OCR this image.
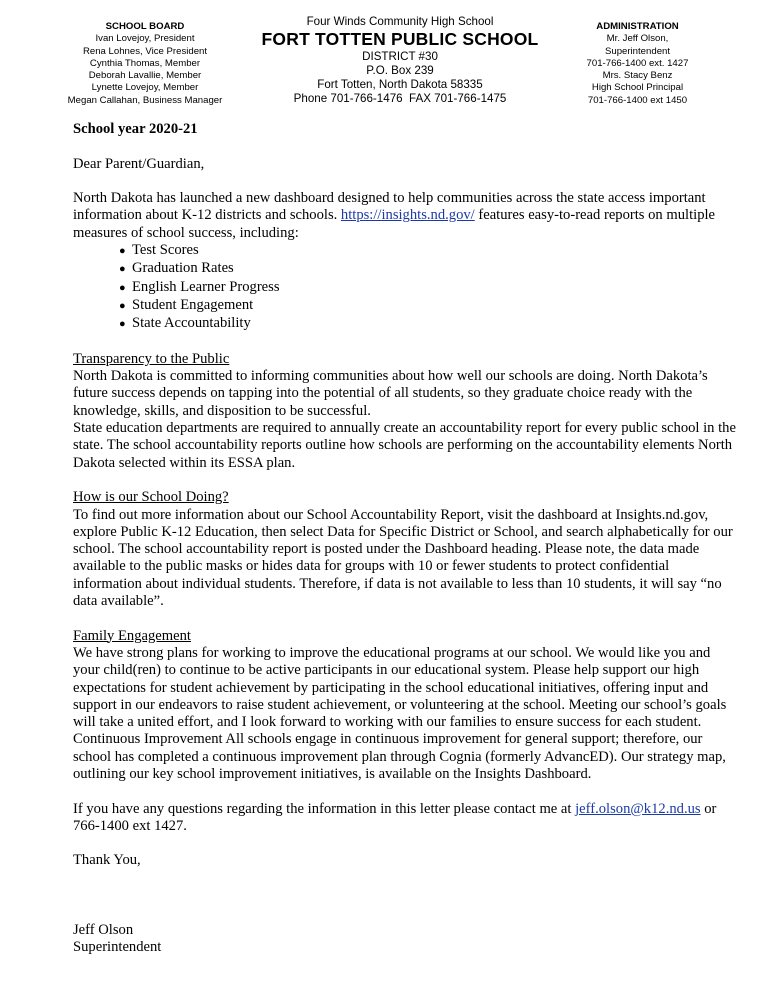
SCHOOL BOARD
Ivan Lovejoy, President
Rena Lohnes, Vice President
Cynthia Thomas, Member
Deborah Lavallie, Member
Lynette Lovejoy, Member
Megan Callahan, Business Manager
Four Winds Community High School
FORT TOTTEN PUBLIC SCHOOL
DISTRICT #30
P.O. Box 239
Fort Totten, North Dakota 58335
Phone 701-766-1476  FAX 701-766-1475
ADMINISTRATION
Mr. Jeff Olson,
Superintendent
701-766-1400 ext. 1427
Mrs. Stacy Benz
High School Principal
701-766-1400 ext 1450

School year 2020-21

Dear Parent/Guardian,

North Dakota has launched a new dashboard designed to help communities across the state access important information about K-12 districts and schools. https://insights.nd.gov/ features easy-to-read reports on multiple measures of school success, including:

● Test Scores
● Graduation Rates
● English Learner Progress
● Student Engagement
● State Accountability

Transparency to the Public

North Dakota is committed to informing communities about how well our schools are doing. North Dakota’s future success depends on tapping into the potential of all students, so they graduate choice ready with the knowledge, skills, and disposition to be successful.

State education departments are required to annually create an accountability report for every public school in the state. The school accountability reports outline how schools are performing on the accountability elements North Dakota selected within its ESSA plan.

How is our School Doing?

To find out more information about our School Accountability Report, visit the dashboard at Insights.nd.gov, explore Public K-12 Education, then select Data for Specific District or School, and search alphabetically for our school. The school accountability report is posted under the Dashboard heading. Please note, the data made available to the public masks or hides data for groups with 10 or fewer students to protect confidential information about individual students. Therefore, if data is not available to less than 10 students, it will say “no data available”.

Family Engagement

We have strong plans for working to improve the educational programs at our school. We would like you and your child(ren) to continue to be active participants in our educational system. Please help support our high expectations for student achievement by participating in the school educational initiatives, offering input and support in our endeavors to raise student achievement, or volunteering at the school. Meeting our school’s goals will take a united effort, and I look forward to working with our families to ensure success for each student. Continuous Improvement All schools engage in continuous improvement for general support; therefore, our school has completed a continuous improvement plan through Cognia (formerly AdvancED). Our strategy map, outlining our key school improvement initiatives, is available on the Insights Dashboard.

If you have any questions regarding the information in this letter please contact me at jeff.olson@k12.nd.us or 766-1400 ext 1427.

Thank You,

Jeff Olson

Superintendent
